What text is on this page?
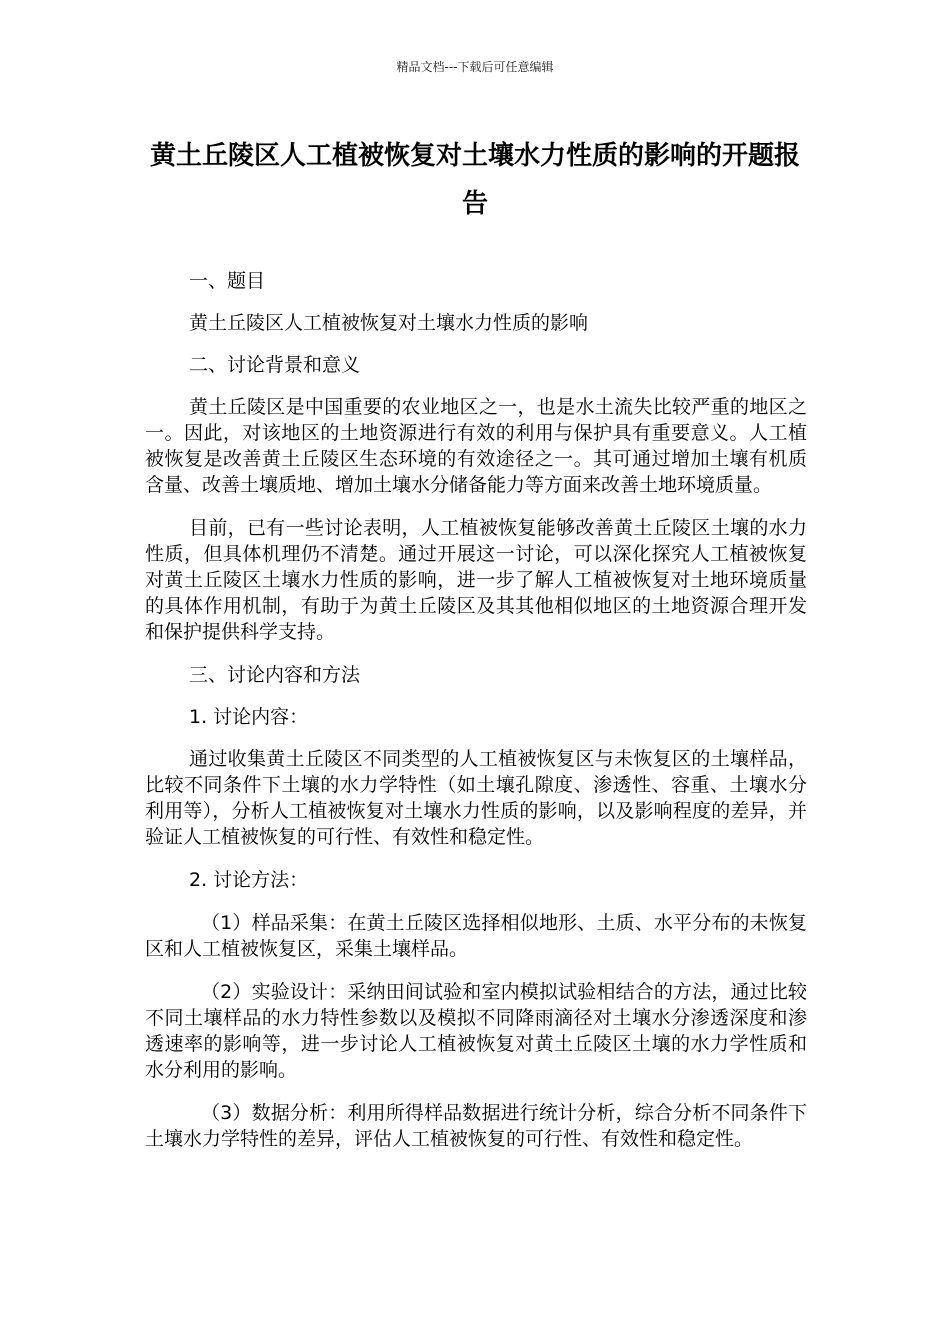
精品文档---下载后可任意编辑
黄土丘陵区人工植被恢复对土壤水力性质的影响的开题报告

一、题目

黄土丘陵区人工植被恢复对土壤水力性质的影响

二、讨论背景和意义

黄土丘陵区是中国重要的农业地区之一，也是水土流失比较严重的地区之一。因此，对该地区的土地资源进行有效的利用与保护具有重要意义。人工植被恢复是改善黄土丘陵区生态环境的有效途径之一。其可通过增加土壤有机质含量、改善土壤质地、增加土壤水分储备能力等方面来改善土地环境质量。

目前，已有一些讨论表明，人工植被恢复能够改善黄土丘陵区土壤的水力性质，但具体机理仍不清楚。通过开展这一讨论，可以深化探究人工植被恢复对黄土丘陵区土壤水力性质的影响，进一步了解人工植被恢复对土地环境质量的具体作用机制，有助于为黄土丘陵区及其其他相似地区的土地资源合理开发和保护提供科学支持。

三、讨论内容和方法

1. 讨论内容：

通过收集黄土丘陵区不同类型的人工植被恢复区与未恢复区的土壤样品，比较不同条件下土壤的水力学特性（如土壤孔隙度、渗透性、容重、土壤水分利用等），分析人工植被恢复对土壤水力性质的影响，以及影响程度的差异，并验证人工植被恢复的可行性、有效性和稳定性。

2. 讨论方法：

（1）样品采集：在黄土丘陵区选择相似地形、土质、水平分布的未恢复区和人工植被恢复区，采集土壤样品。

（2）实验设计：采纳田间试验和室内模拟试验相结合的方法，通过比较不同土壤样品的水力特性参数以及模拟不同降雨滴径对土壤水分渗透深度和渗透速率的影响等，进一步讨论人工植被恢复对黄土丘陵区土壤的水力学性质和水分利用的影响。

（3）数据分析：利用所得样品数据进行统计分析，综合分析不同条件下土壤水力学特性的差异，评估人工植被恢复的可行性、有效性和稳定性。
